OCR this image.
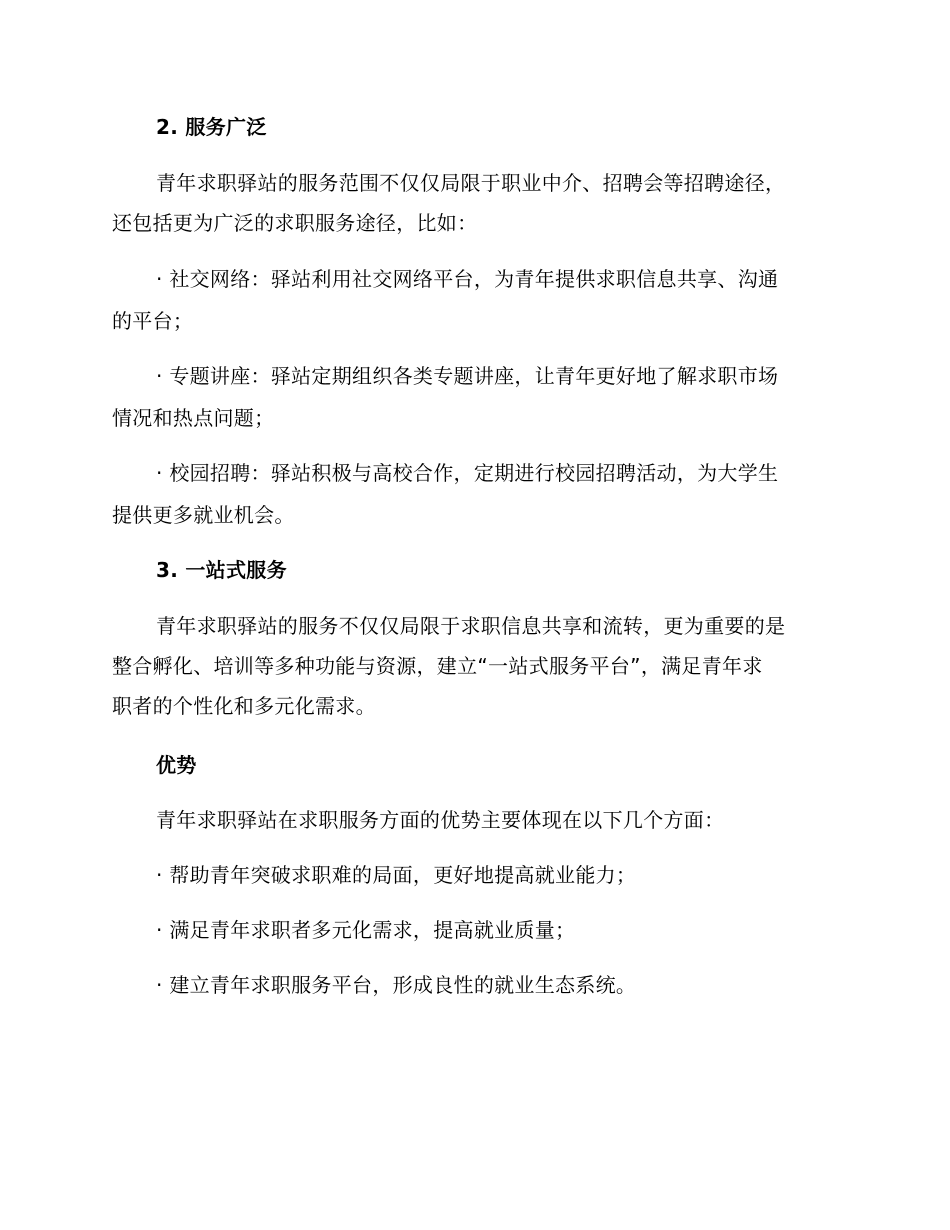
2. 服务广泛
青年求职驿站的服务范围不仅仅局限于职业中介、招聘会等招聘途径，
还包括更为广泛的求职服务途径，比如：
· 社交网络：驿站利用社交网络平台，为青年提供求职信息共享、沟通
的平台；
· 专题讲座：驿站定期组织各类专题讲座，让青年更好地了解求职市场
情况和热点问题；
· 校园招聘：驿站积极与高校合作，定期进行校园招聘活动，为大学生
提供更多就业机会。
3. 一站式服务
青年求职驿站的服务不仅仅局限于求职信息共享和流转，更为重要的是
整合孵化、培训等多种功能与资源，建立“一站式服务平台”，满足青年求
职者的个性化和多元化需求。
优势
青年求职驿站在求职服务方面的优势主要体现在以下几个方面：
· 帮助青年突破求职难的局面，更好地提高就业能力；
· 满足青年求职者多元化需求，提高就业质量；
· 建立青年求职服务平台，形成良性的就业生态系统。
